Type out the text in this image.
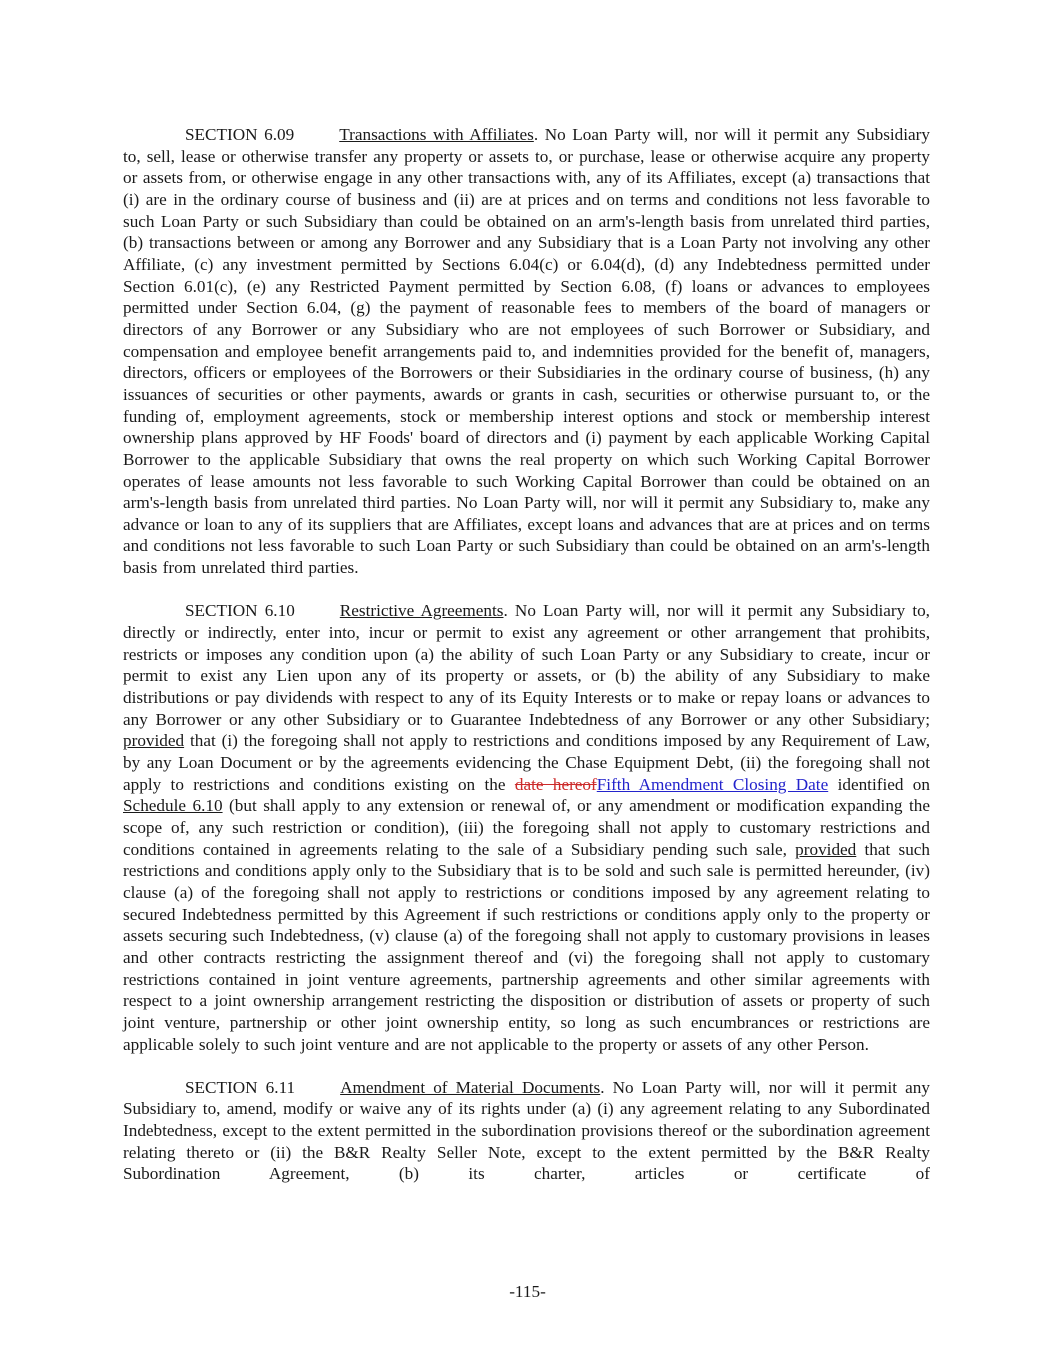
SECTION 6.09	Transactions with Affiliates. No Loan Party will, nor will it permit any Subsidiary to, sell, lease or otherwise transfer any property or assets to, or purchase, lease or otherwise acquire any property or assets from, or otherwise engage in any other transactions with, any of its Affiliates, except (a) transactions that (i) are in the ordinary course of business and (ii) are at prices and on terms and conditions not less favorable to such Loan Party or such Subsidiary than could be obtained on an arm's-length basis from unrelated third parties, (b) transactions between or among any Borrower and any Subsidiary that is a Loan Party not involving any other Affiliate, (c) any investment permitted by Sections 6.04(c) or 6.04(d), (d) any Indebtedness permitted under Section 6.01(c), (e) any Restricted Payment permitted by Section 6.08, (f) loans or advances to employees permitted under Section 6.04, (g) the payment of reasonable fees to members of the board of managers or directors of any Borrower or any Subsidiary who are not employees of such Borrower or Subsidiary, and compensation and employee benefit arrangements paid to, and indemnities provided for the benefit of, managers, directors, officers or employees of the Borrowers or their Subsidiaries in the ordinary course of business, (h) any issuances of securities or other payments, awards or grants in cash, securities or otherwise pursuant to, or the funding of, employment agreements, stock or membership interest options and stock or membership interest ownership plans approved by HF Foods' board of directors and (i) payment by each applicable Working Capital Borrower to the applicable Subsidiary that owns the real property on which such Working Capital Borrower operates of lease amounts not less favorable to such Working Capital Borrower than could be obtained on an arm's-length basis from unrelated third parties. No Loan Party will, nor will it permit any Subsidiary to, make any advance or loan to any of its suppliers that are Affiliates, except loans and advances that are at prices and on terms and conditions not less favorable to such Loan Party or such Subsidiary than could be obtained on an arm's-length basis from unrelated third parties.

SECTION 6.10	Restrictive Agreements. No Loan Party will, nor will it permit any Subsidiary to, directly or indirectly, enter into, incur or permit to exist any agreement or other arrangement that prohibits, restricts or imposes any condition upon (a) the ability of such Loan Party or any Subsidiary to create, incur or permit to exist any Lien upon any of its property or assets, or (b) the ability of any Subsidiary to make distributions or pay dividends with respect to any of its Equity Interests or to make or repay loans or advances to any Borrower or any other Subsidiary or to Guarantee Indebtedness of any Borrower or any other Subsidiary; provided that (i) the foregoing shall not apply to restrictions and conditions imposed by any Requirement of Law, by any Loan Document or by the agreements evidencing the Chase Equipment Debt, (ii) the foregoing shall not apply to restrictions and conditions existing on the date hereofFifth Amendment Closing Date identified on Schedule 6.10 (but shall apply to any extension or renewal of, or any amendment or modification expanding the scope of, any such restriction or condition), (iii) the foregoing shall not apply to customary restrictions and conditions contained in agreements relating to the sale of a Subsidiary pending such sale, provided that such restrictions and conditions apply only to the Subsidiary that is to be sold and such sale is permitted hereunder, (iv) clause (a) of the foregoing shall not apply to restrictions or conditions imposed by any agreement relating to secured Indebtedness permitted by this Agreement if such restrictions or conditions apply only to the property or assets securing such Indebtedness, (v) clause (a) of the foregoing shall not apply to customary provisions in leases and other contracts restricting the assignment thereof and (vi) the foregoing shall not apply to customary restrictions contained in joint venture agreements, partnership agreements and other similar agreements with respect to a joint ownership arrangement restricting the disposition or distribution of assets or property of such joint venture, partnership or other joint ownership entity, so long as such encumbrances or restrictions are applicable solely to such joint venture and are not applicable to the property or assets of any other Person.

SECTION 6.11	Amendment of Material Documents. No Loan Party will, nor will it permit any Subsidiary to, amend, modify or waive any of its rights under (a) (i) any agreement relating to any Subordinated Indebtedness, except to the extent permitted in the subordination provisions thereof or the subordination agreement relating thereto or (ii) the B&R Realty Seller Note, except to the extent permitted by the B&R Realty Subordination Agreement, (b) its charter, articles or certificate of

-115-
